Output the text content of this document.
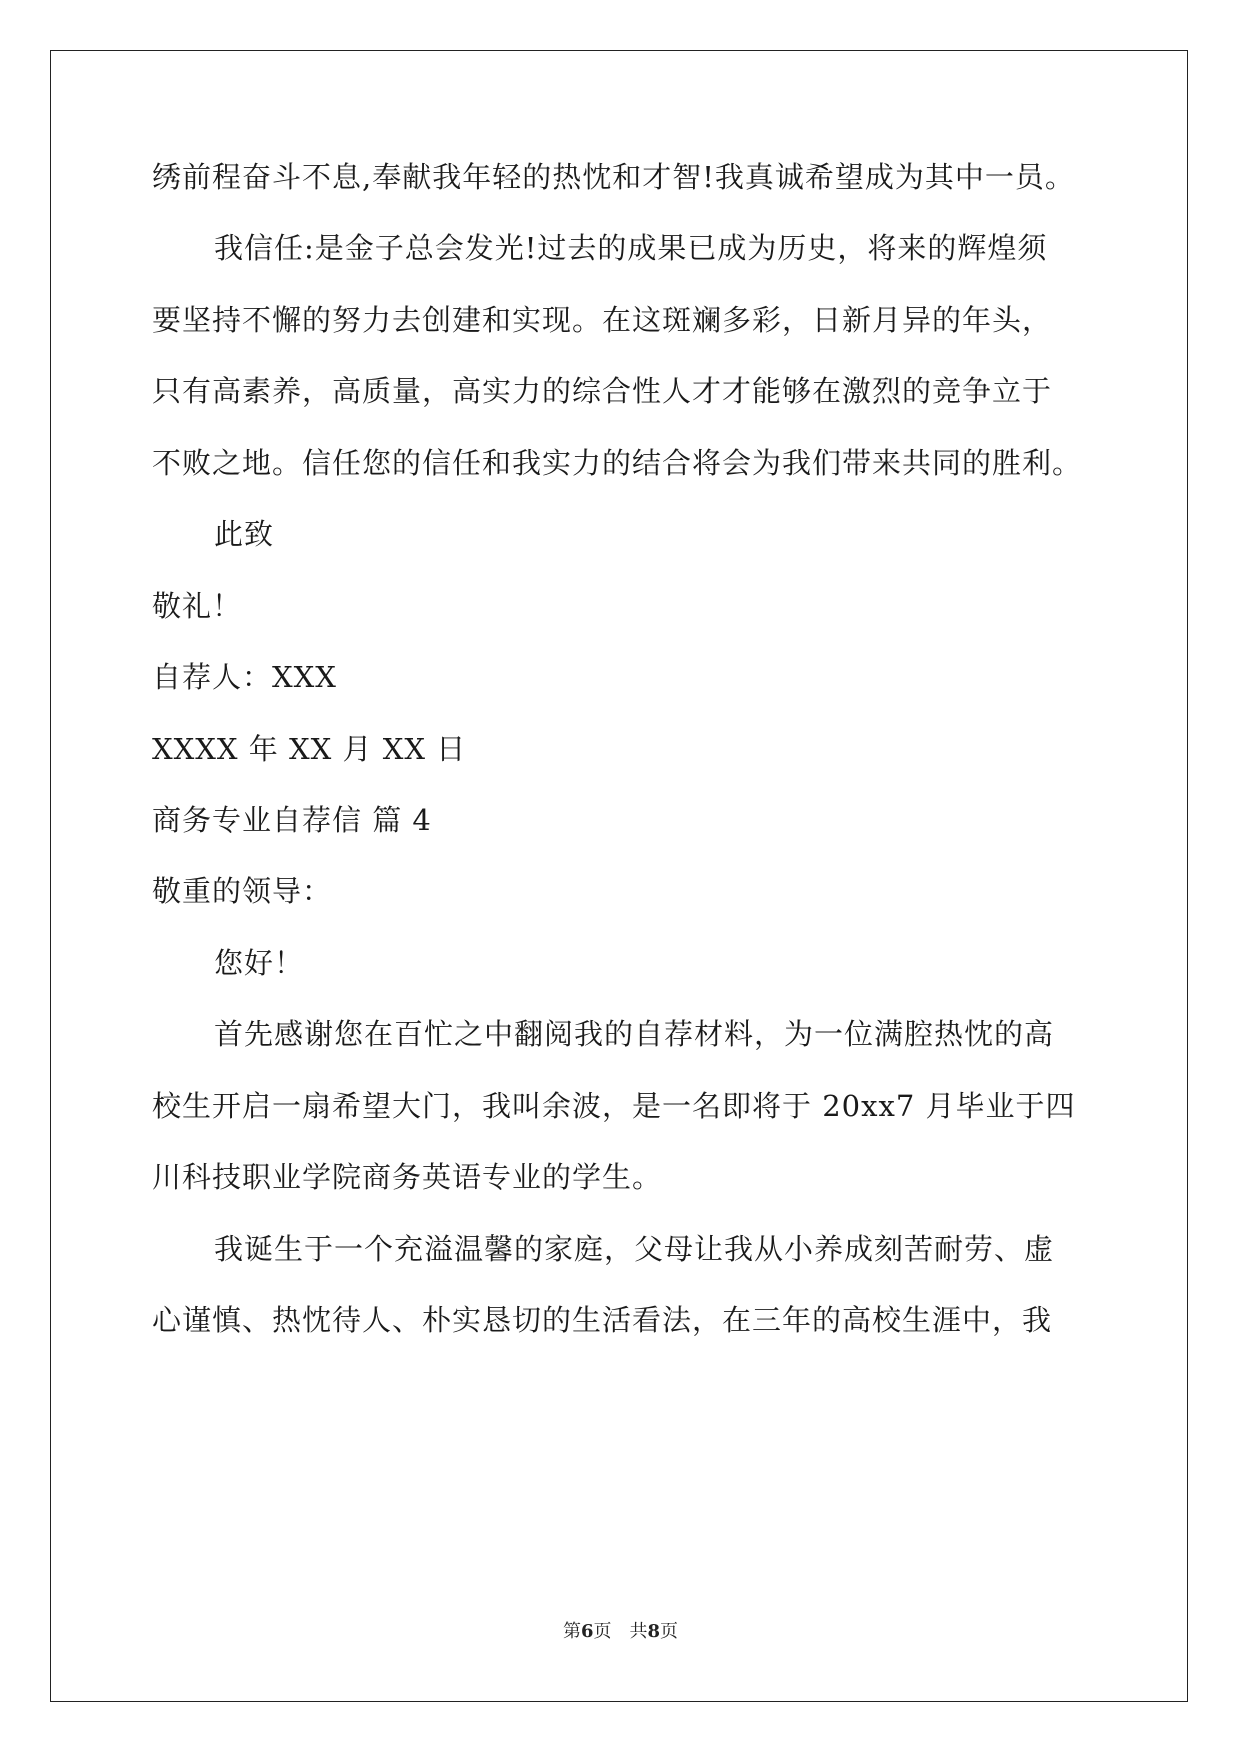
绣前程奋斗不息,奉献我年轻的热忱和才智!我真诚希望成为其中一员。
我信任:是金子总会发光!过去的成果已成为历史，将来的辉煌须
要坚持不懈的努力去创建和实现。在这斑斓多彩，日新月异的年头，
只有高素养，高质量，高实力的综合性人才才能够在激烈的竞争立于
不败之地。信任您的信任和我实力的结合将会为我们带来共同的胜利。
此致
敬礼！
自荐人：XXX
XXXX 年 XX 月 XX 日
商务专业自荐信 篇 4
敬重的领导：
您好！
首先感谢您在百忙之中翻阅我的自荐材料，为一位满腔热忱的高
校生开启一扇希望大门，我叫余波，是一名即将于 20xx7 月毕业于四
川科技职业学院商务英语专业的学生。
我诞生于一个充溢温馨的家庭，父母让我从小养成刻苦耐劳、虚
心谨慎、热忱待人、朴实恳切的生活看法，在三年的高校生涯中，我
第6页　共8页
